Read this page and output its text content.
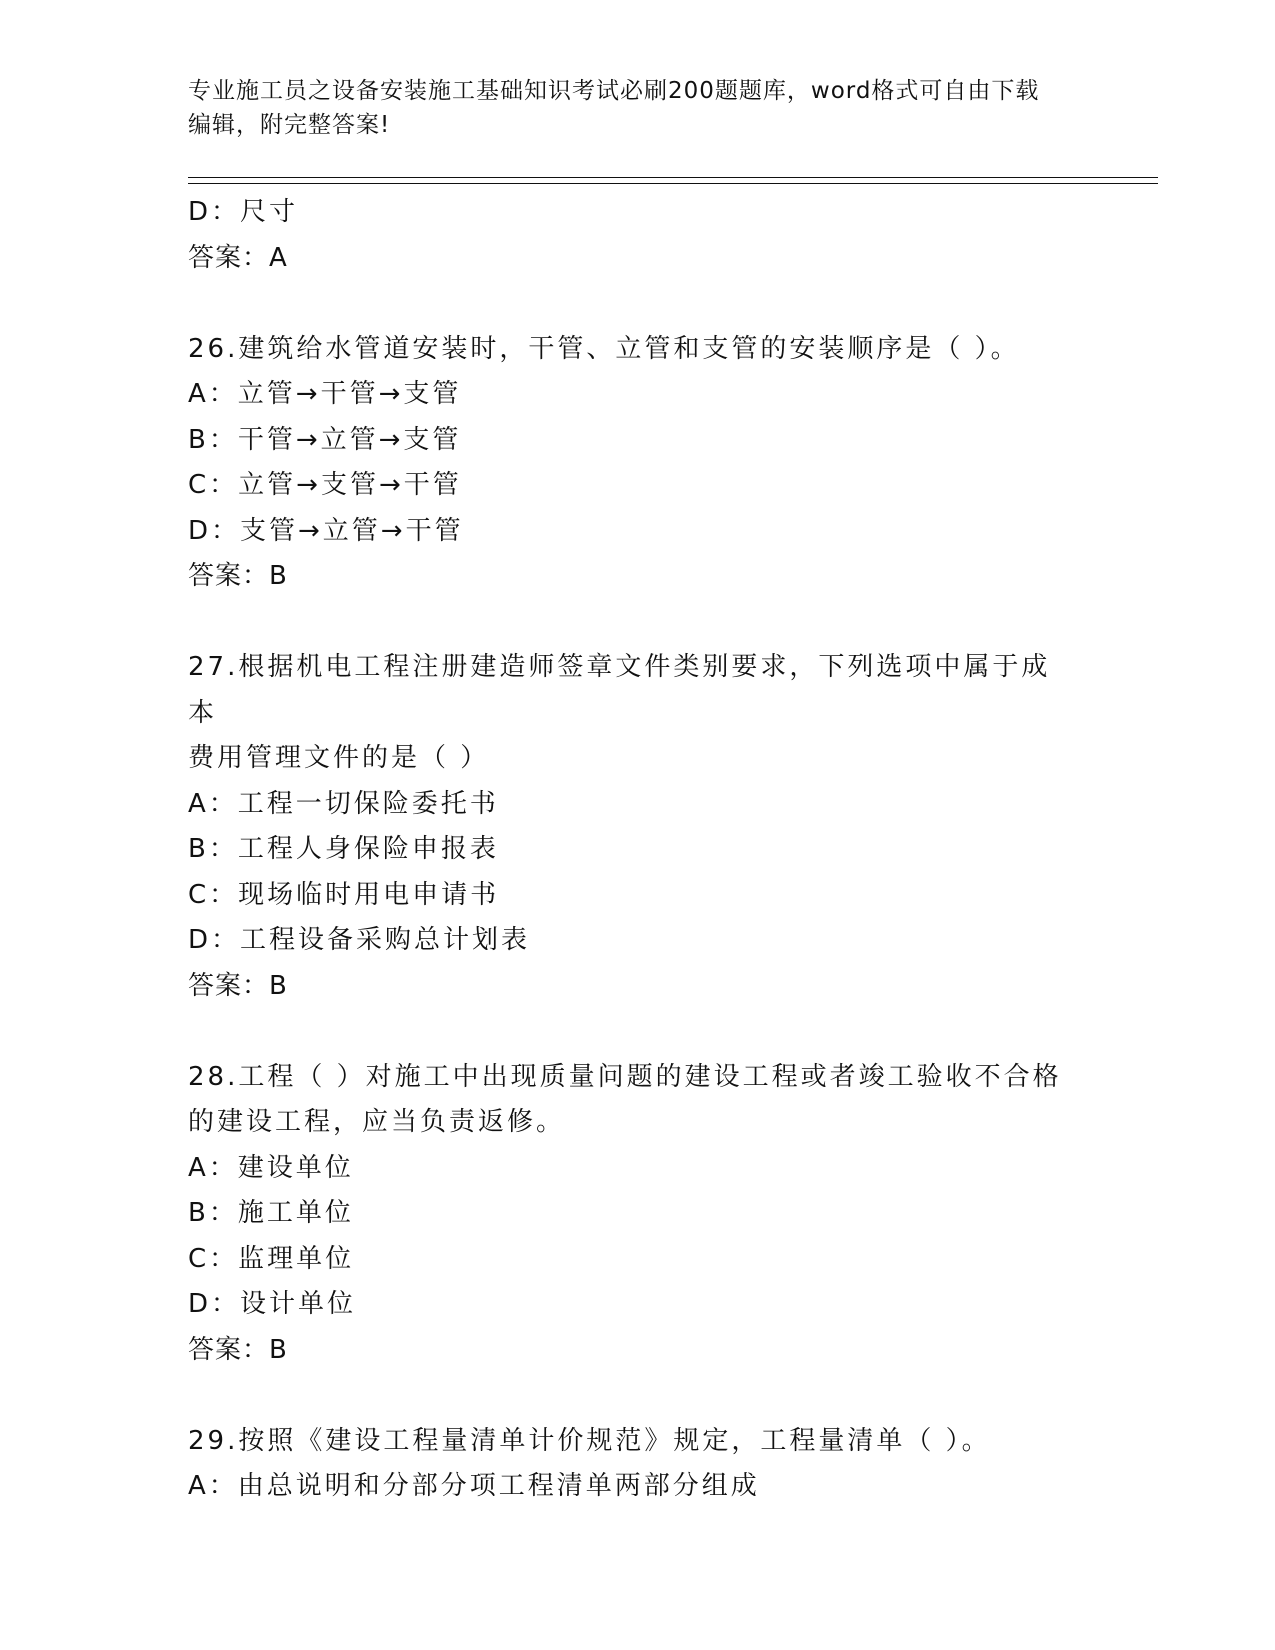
专业施工员之设备安装施工基础知识考试必刷200题题库，word格式可自由下载
编辑，附完整答案!
D：尺寸
答案：A
26.建筑给水管道安装时，干管、立管和支管的安装顺序是（ ）。
A：立管→干管→支管
B：干管→立管→支管
C：立管→支管→干管
D：支管→立管→干管
答案：B
27.根据机电工程注册建造师签章文件类别要求，下列选项中属于成本
费用管理文件的是（ ）
A：工程一切保险委托书
B：工程人身保险申报表
C：现场临时用电申请书
D：工程设备采购总计划表
答案：B
28.工程（ ）对施工中出现质量问题的建设工程或者竣工验收不合格
的建设工程，应当负责返修。
A：建设单位
B：施工单位
C：监理单位
D：设计单位
答案：B
29.按照《建设工程量清单计价规范》规定，工程量清单（ ）。
A：由总说明和分部分项工程清单两部分组成
